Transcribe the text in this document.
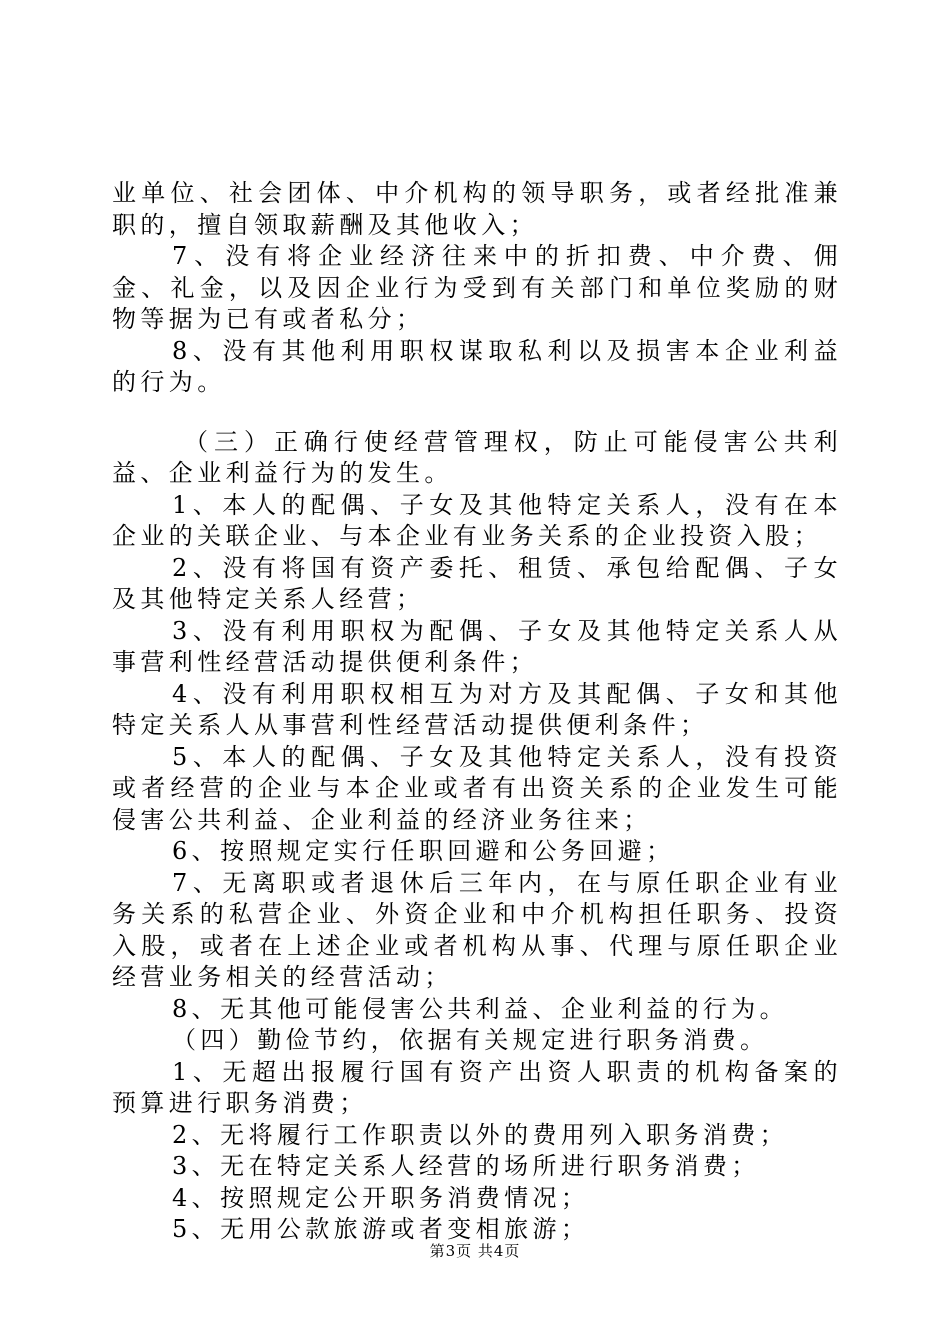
业单位、社会团体、中介机构的领导职务，或者经批准兼职的，擅自领取薪酬及其他收入；

7、没有将企业经济往来中的折扣费、中介费、佣金、礼金，以及因企业行为受到有关部门和单位奖励的财物等据为已有或者私分；

8、没有其他利用职权谋取私利以及损害本企业利益的行为。

（三）正确行使经营管理权，防止可能侵害公共利益、企业利益行为的发生。

1、本人的配偶、子女及其他特定关系人，没有在本企业的关联企业、与本企业有业务关系的企业投资入股；

2、没有将国有资产委托、租赁、承包给配偶、子女及其他特定关系人经营；

3、没有利用职权为配偶、子女及其他特定关系人从事营利性经营活动提供便利条件；

4、没有利用职权相互为对方及其配偶、子女和其他特定关系人从事营利性经营活动提供便利条件；

5、本人的配偶、子女及其他特定关系人，没有投资或者经营的企业与本企业或者有出资关系的企业发生可能侵害公共利益、企业利益的经济业务往来；

6、按照规定实行任职回避和公务回避；

7、无离职或者退休后三年内，在与原任职企业有业务关系的私营企业、外资企业和中介机构担任职务、投资入股，或者在上述企业或者机构从事、代理与原任职企业经营业务相关的经营活动；

8、无其他可能侵害公共利益、企业利益的行为。

（四）勤俭节约，依据有关规定进行职务消费。

1、无超出报履行国有资产出资人职责的机构备案的预算进行职务消费；

2、无将履行工作职责以外的费用列入职务消费；

3、无在特定关系人经营的场所进行职务消费；

4、按照规定公开职务消费情况；

5、无用公款旅游或者变相旅游；

第3页 共4页
